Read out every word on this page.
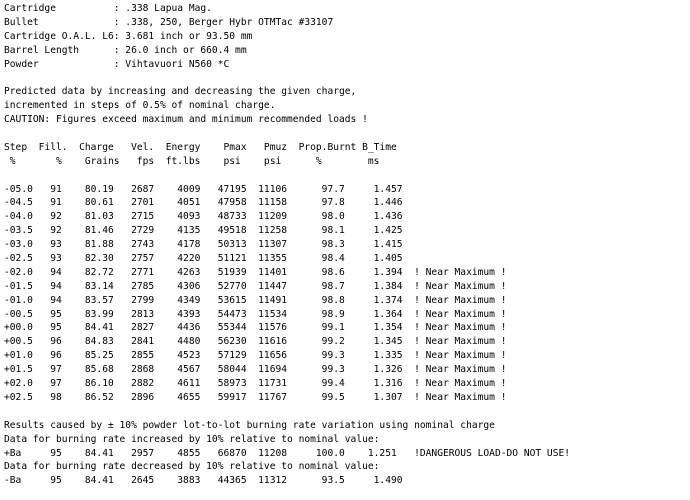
Cartridge          : .338 Lapua Mag.
Bullet             : .338, 250, Berger Hybr OTMTac #33107
Cartridge O.A.L. L6: 3.681 inch or 93.50 mm
Barrel Length      : 26.0 inch or 660.4 mm
Powder             : Vihtavuori N560 *C
Predicted data by increasing and decreasing the given charge,
incremented in steps of 0.5% of nominal charge.
CAUTION: Figures exceed maximum and minimum recommended loads !
Step  Fill.  Charge   Vel.  Energy    Pmax   Pmuz  Prop.Burnt B_Time
%       %    Grains   fps  ft.lbs    psi    psi      %        ms
-05.0   91    80.19   2687    4009   47195  11106      97.7     1.457
-04.5   91    80.61   2701    4051   47958  11158      97.8     1.446
-04.0   92    81.03   2715    4093   48733  11209      98.0     1.436
-03.5   92    81.46   2729    4135   49518  11258      98.1     1.425
-03.0   93    81.88   2743    4178   50313  11307      98.3     1.415
-02.5   93    82.30   2757    4220   51121  11355      98.4     1.405
-02.0   94    82.72   2771    4263   51939  11401      98.6     1.394  ! Near Maximum !
-01.5   94    83.14   2785    4306   52770  11447      98.7     1.384  ! Near Maximum !
-01.0   94    83.57   2799    4349   53615  11491      98.8     1.374  ! Near Maximum !
-00.5   95    83.99   2813    4393   54473  11534      98.9     1.364  ! Near Maximum !
+00.0   95    84.41   2827    4436   55344  11576      99.1     1.354  ! Near Maximum !
+00.5   96    84.83   2841    4480   56230  11616      99.2     1.345  ! Near Maximum !
+01.0   96    85.25   2855    4523   57129  11656      99.3     1.335  ! Near Maximum !
+01.5   97    85.68   2868    4567   58044  11694      99.3     1.326  ! Near Maximum !
+02.0   97    86.10   2882    4611   58973  11731      99.4     1.316  ! Near Maximum !
+02.5   98    86.52   2896    4655   59917  11767      99.5     1.307  ! Near Maximum !
Results caused by ± 10% powder lot-to-lot burning rate variation using nominal charge
Data for burning rate increased by 10% relative to nominal value:
+Ba     95    84.41   2957    4855   66870  11208     100.0    1.251   !DANGEROUS LOAD-DO NOT USE!
Data for burning rate decreased by 10% relative to nominal value:
-Ba     95    84.41   2645    3883   44365  11312      93.5     1.490
